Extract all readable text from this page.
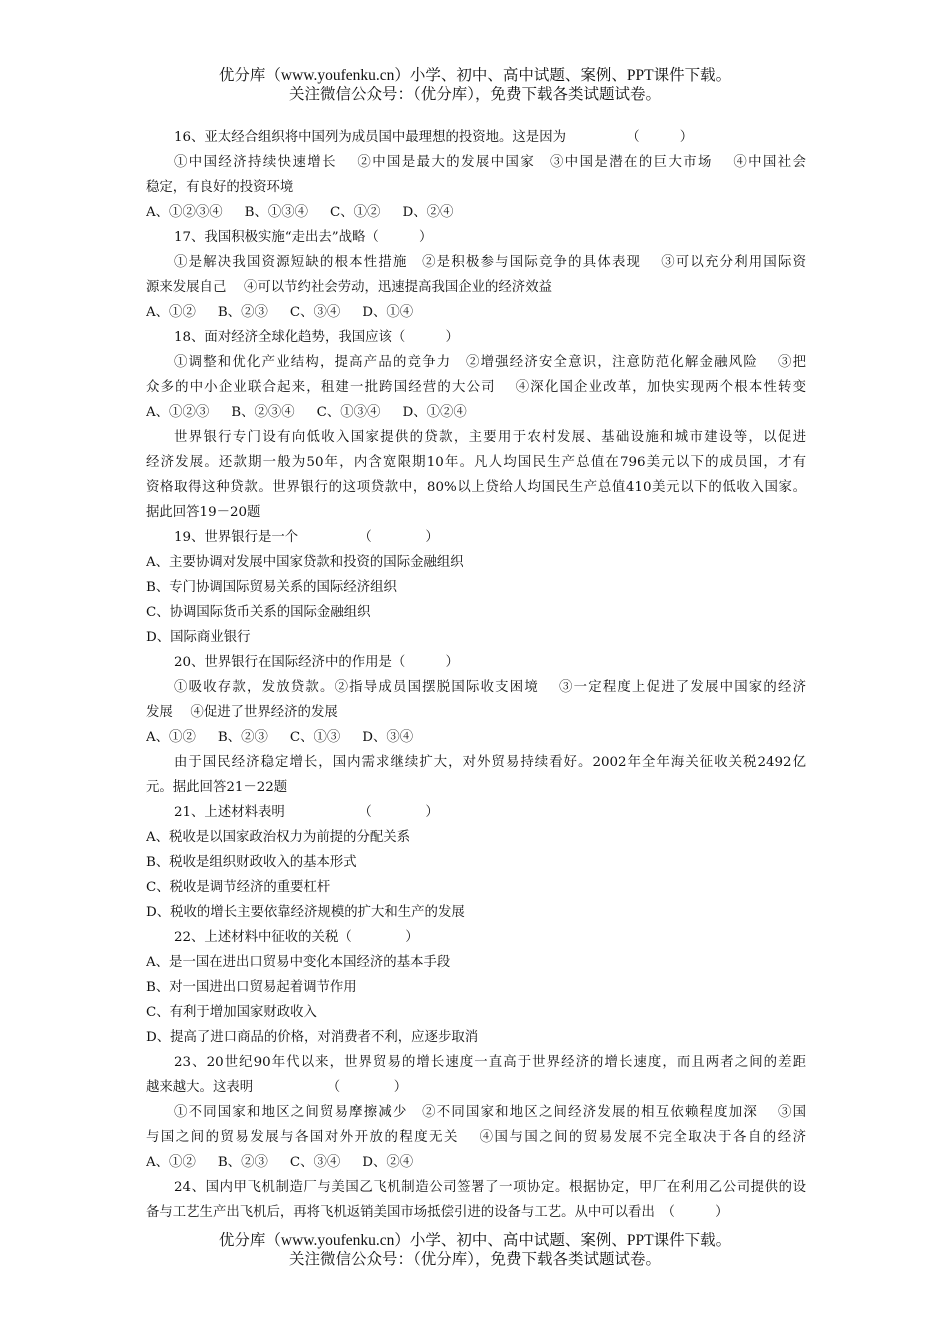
优分库（www.youfenku.cn）小学、初中、高中试题、案例、PPT课件下载。
关注微信公众号：（优分库），免费下载各类试题试卷。
16、亚太经合组织将中国列为成员国中最理想的投资地。这是因为　　　　　（　　　）
①中国经济持续快速增长　 ②中国是最大的发展中国家　③中国是潜在的巨大市场　 ④中国社会
稳定，有良好的投资环境
A、①②③④ B、①③④ C、①② D、②④
17、我国积极实施“走出去”战略（　　　）
①是解决我国资源短缺的根本性措施　②是积极参与国际竞争的具体表现　 ③可以充分利用国际资
源来发展自己　 ④可以节约社会劳动，迅速提高我国企业的经济效益
A、①② B、②③ C、③④ D、①④
18、面对经济全球化趋势，我国应该（　　　）
①调整和优化产业结构，提高产品的竞争力　②增强经济安全意识，注意防范化解金融风险　 ③把
众多的中小企业联合起来，租建一批跨国经营的大公司　 ④深化国企业改革，加快实现两个根本性转变
A、①②③ B、②③④ C、①③④ D、①②④
世界银行专门设有向低收入国家提供的贷款，主要用于农村发展、基础设施和城市建设等，以促进
经济发展。还款期一般为50年，内含宽限期10年。凡人均国民生产总值在796美元以下的成员国，才有
资格取得这种贷款。世界银行的这项贷款中，80%以上贷给人均国民生产总值410美元以下的低收入国家。
据此回答19－20题
19、世界银行是一个　　　　　（　　　　）
A、主要协调对发展中国家贷款和投资的国际金融组织
B、专门协调国际贸易关系的国际经济组织
C、协调国际货币关系的国际金融组织
D、国际商业银行
20、世界银行在国际经济中的作用是（　　　）
①吸收存款，发放贷款。②指导成员国摆脱国际收支困境　 ③一定程度上促进了发展中国家的经济
发展　 ④促进了世界经济的发展
A、①② B、②③ C、①③ D、③④
由于国民经济稳定增长，国内需求继续扩大，对外贸易持续看好。2002年全年海关征收关税2492亿
元。据此回答21－22题
21、上述材料表明　　　　　　（　　　　）
A、税收是以国家政治权力为前提的分配关系
B、税收是组织财政收入的基本形式
C、税收是调节经济的重要杠杆
D、税收的增长主要依靠经济规模的扩大和生产的发展
22、上述材料中征收的关税（　　　　）
A、是一国在进出口贸易中变化本国经济的基本手段
B、对一国进出口贸易起着调节作用
C、有利于增加国家财政收入
D、提高了进口商品的价格，对消费者不利，应逐步取消
23、20世纪90年代以来，世界贸易的增长速度一直高于世界经济的增长速度，而且两者之间的差距
越来越大。这表明　　　　　　（　　　　）
①不同国家和地区之间贸易摩擦减少　②不同国家和地区之间经济发展的相互依赖程度加深　 ③国
与国之间的贸易发展与各国对外开放的程度无关　 ④国与国之间的贸易发展不完全取决于各自的经济
A、①② B、②③ C、③④ D、②④
24、国内甲飞机制造厂与美国乙飞机制造公司签署了一项协定。根据协定，甲厂在利用乙公司提供的设
备与工艺生产出飞机后，再将飞机返销美国市场抵偿引进的设备与工艺。从中可以看出　（　　　）
优分库（www.youfenku.cn）小学、初中、高中试题、案例、PPT课件下载。
关注微信公众号：（优分库），免费下载各类试题试卷。
